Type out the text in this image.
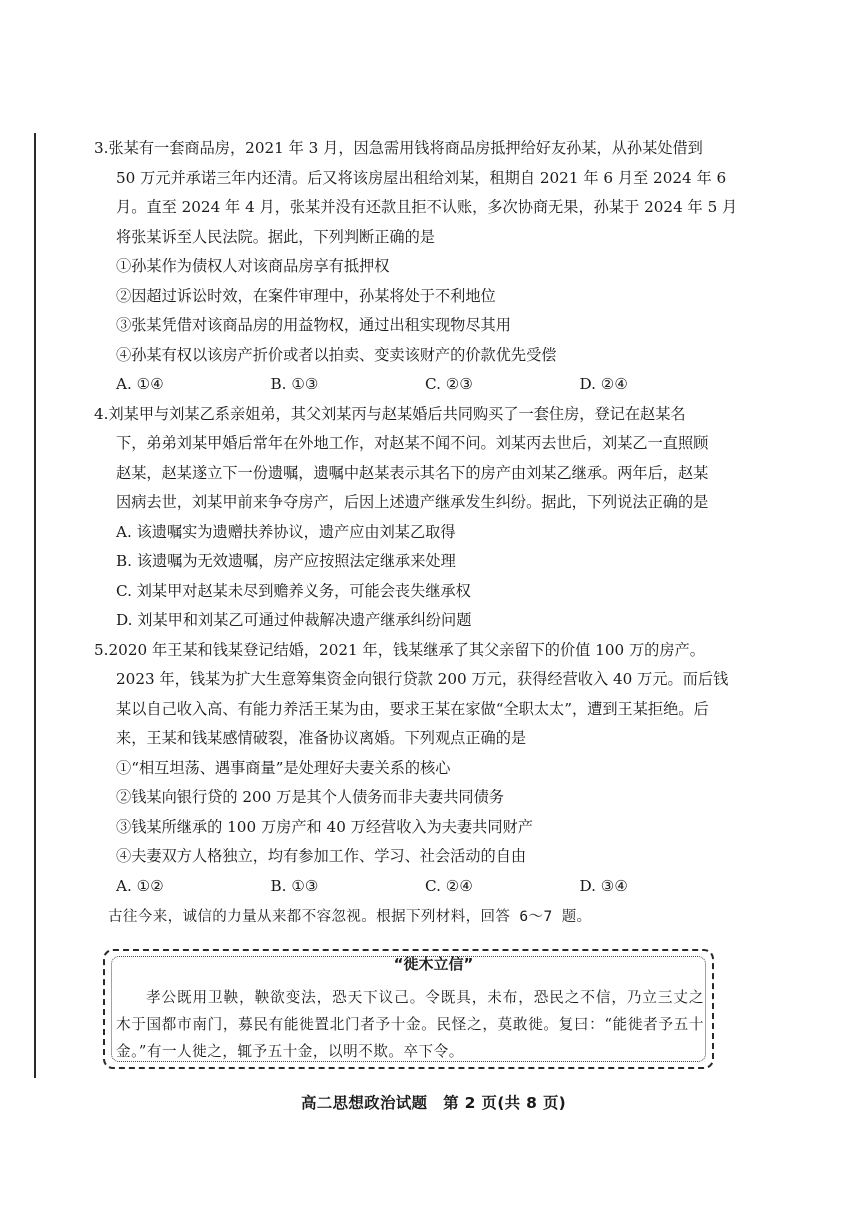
3.张某有一套商品房，2021 年 3 月，因急需用钱将商品房抵押给好友孙某，从孙某处借到
50 万元并承诺三年内还清。后又将该房屋出租给刘某，租期自 2021 年 6 月至 2024 年 6
月。直至 2024 年 4 月，张某并没有还款且拒不认账，多次协商无果，孙某于 2024 年 5 月
将张某诉至人民法院。据此，下列判断正确的是
①孙某作为债权人对该商品房享有抵押权
②因超过诉讼时效，在案件审理中，孙某将处于不利地位
③张某凭借对该商品房的用益物权，通过出租实现物尽其用
④孙某有权以该房产折价或者以拍卖、变卖该财产的价款优先受偿
A. ①④	B. ①③	C. ②③	D. ②④
4.刘某甲与刘某乙系亲姐弟，其父刘某丙与赵某婚后共同购买了一套住房，登记在赵某名
下，弟弟刘某甲婚后常年在外地工作，对赵某不闻不问。刘某丙去世后，刘某乙一直照顾
赵某，赵某遂立下一份遗嘱，遗嘱中赵某表示其名下的房产由刘某乙继承。两年后，赵某
因病去世，刘某甲前来争夺房产，后因上述遗产继承发生纠纷。据此，下列说法正确的是
A. 该遗嘱实为遗赠扶养协议，遗产应由刘某乙取得
B. 该遗嘱为无效遗嘱，房产应按照法定继承来处理
C. 刘某甲对赵某未尽到赡养义务，可能会丧失继承权
D. 刘某甲和刘某乙可通过仲裁解决遗产继承纠纷问题
5.2020 年王某和钱某登记结婚，2021 年，钱某继承了其父亲留下的价值 100 万的房产。
2023 年，钱某为扩大生意筹集资金向银行贷款 200 万元，获得经营收入 40 万元。而后钱
某以自己收入高、有能力养活王某为由，要求王某在家做“全职太太”，遭到王某拒绝。后
来，王某和钱某感情破裂，准备协议离婚。下列观点正确的是
①“相互坦荡、遇事商量”是处理好夫妻关系的核心
②钱某向银行贷的 200 万是其个人债务而非夫妻共同债务
③钱某所继承的 100 万房产和 40 万经营收入为夫妻共同财产
④夫妻双方人格独立，均有参加工作、学习、社会活动的自由
A. ①②	B. ①③	C. ②④	D. ③④
古往今来，诚信的力量从来都不容忽视。根据下列材料，回答 6～7 题。
“徙木立信”
孝公既用卫鞅，鞅欲变法，恐天下议己。令既具，未布，恐民之不信，乃立三丈之木于国都市南门，募民有能徙置北门者予十金。民怪之，莫敢徙。复曰：“能徙者予五十金。”有一人徙之，辄予五十金，以明不欺。卒下令。
高二思想政治试题　第 2 页(共 8 页)
